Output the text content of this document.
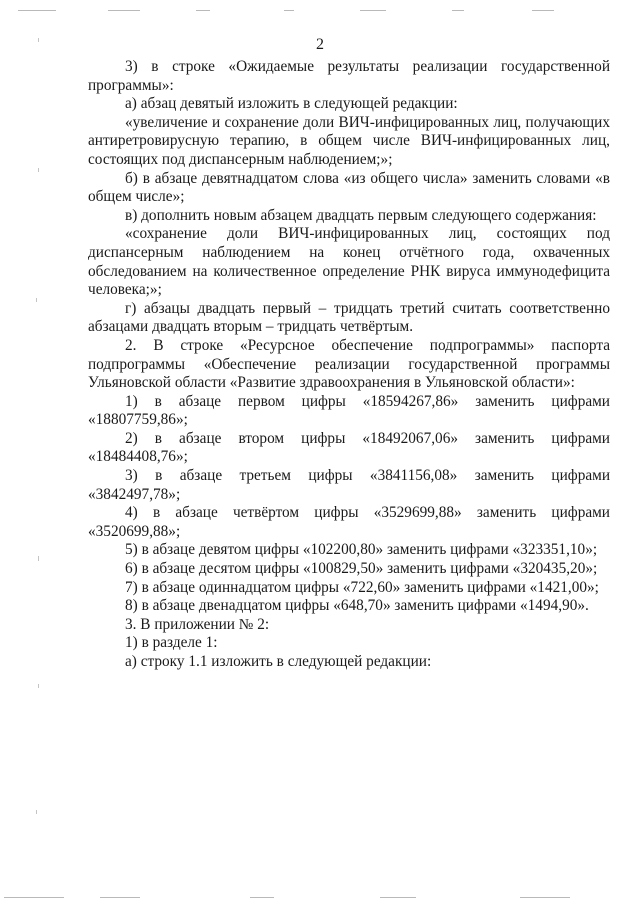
2

3) в строке «Ожидаемые результаты реализации государственной программы»:

а) абзац девятый изложить в следующей редакции:

«увеличение и сохранение доли ВИЧ-инфицированных лиц, получающих антиретровирусную терапию, в общем числе ВИЧ-инфицированных лиц, состоящих под диспансерным наблюдением;»;

б) в абзаце девятнадцатом слова «из общего числа» заменить словами «в общем числе»;

в) дополнить новым абзацем двадцать первым следующего содержания:

«сохранение доли ВИЧ-инфицированных лиц, состоящих под диспансерным наблюдением на конец отчётного года, охваченных обследованием на количественное определение РНК вируса иммунодефицита человека;»;

г) абзацы двадцать первый – тридцать третий считать соответственно абзацами двадцать вторым – тридцать четвёртым.

2. В строке «Ресурсное обеспечение подпрограммы» паспорта подпрограммы «Обеспечение реализации государственной программы Ульяновской области «Развитие здравоохранения в Ульяновской области»:

1) в абзаце первом цифры «18594267,86» заменить цифрами «18807759,86»;

2) в абзаце втором цифры «18492067,06» заменить цифрами «18484408,76»;

3) в абзаце третьем цифры «3841156,08» заменить цифрами «3842497,78»;

4) в абзаце четвёртом цифры «3529699,88» заменить цифрами «3520699,88»;

5) в абзаце девятом цифры «102200,80» заменить цифрами «323351,10»;

6) в абзаце десятом цифры «100829,50» заменить цифрами «320435,20»;

7) в абзаце одиннадцатом цифры «722,60» заменить цифрами «1421,00»;

8) в абзаце двенадцатом цифры «648,70» заменить цифрами «1494,90».

3. В приложении № 2:

1) в разделе 1:

а) строку 1.1 изложить в следующей редакции:
